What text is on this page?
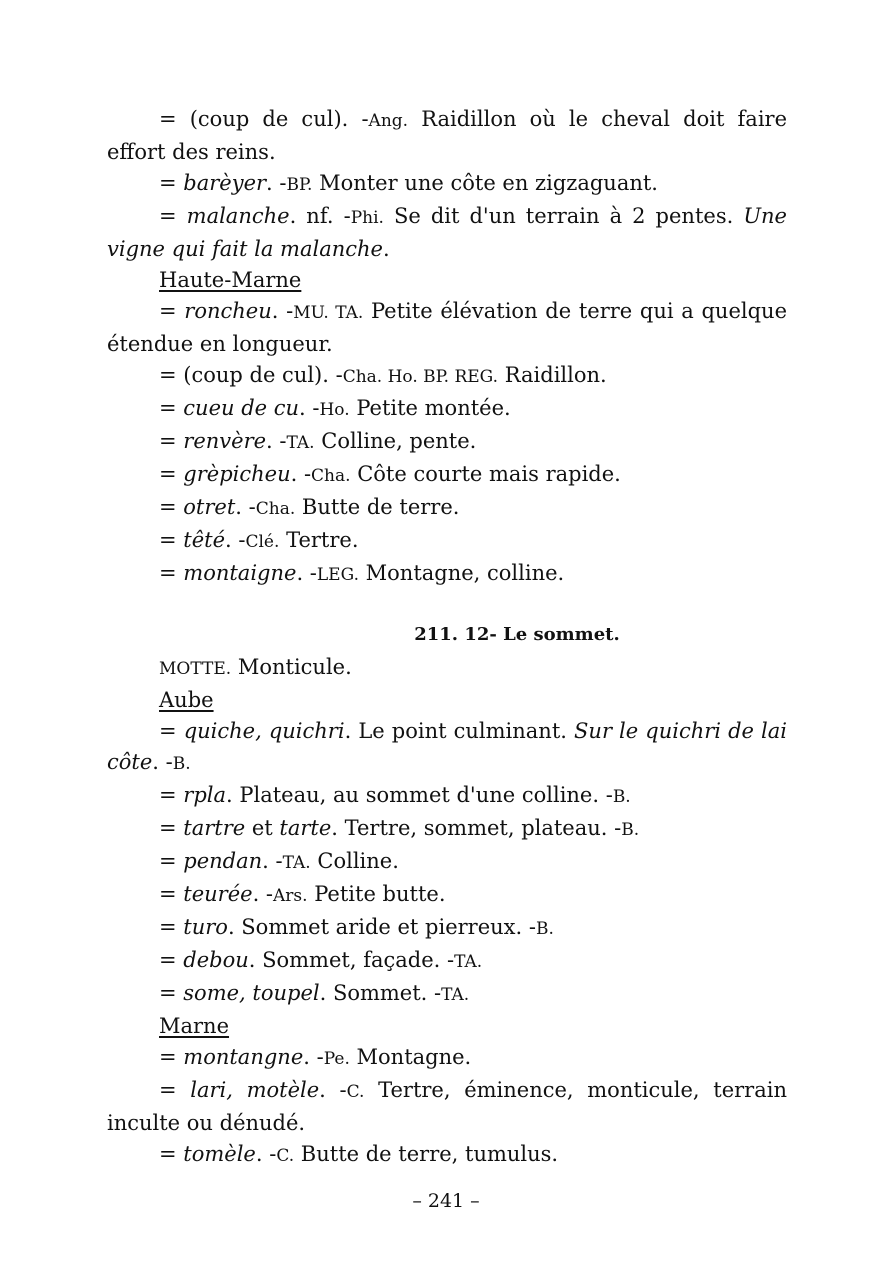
= (coup de cul). -Ang. Raidillon où le cheval doit faire effort des reins.

= barèyer. -BP. Monter une côte en zigzaguant.

= malanche. nf. -Phi. Se dit d'un terrain à 2 pentes. Une vigne qui fait la malanche.

Haute-Marne

= roncheu. -MU. TA. Petite élévation de terre qui a quelque étendue en longueur.

= (coup de cul). -Cha. Ho. BP. REG. Raidillon.

= cueu de cu. -Ho. Petite montée.

= renvère. -TA. Colline, pente.

= grèpicheu. -Cha. Côte courte mais rapide.

= otret. -Cha. Butte de terre.

= têté. -Clé. Tertre.

= montaigne. -LEG. Montagne, colline.

211. 12- Le sommet.

MOTTE. Monticule.

Aube

= quiche, quichri. Le point culminant. Sur le quichri de lai côte. -B.

= rpla. Plateau, au sommet d'une colline. -B.

= tartre et tarte. Tertre, sommet, plateau. -B.

= pendan. -TA. Colline.

= teurée. -Ars. Petite butte.

= turo. Sommet aride et pierreux. -B.

= debou. Sommet, façade. -TA.

= some, toupel. Sommet. -TA.

Marne

= montangne. -Pe. Montagne.

= lari, motèle. -C. Tertre, éminence, monticule, terrain inculte ou dénudé.

= tomèle. -C. Butte de terre, tumulus.

– 241 –
